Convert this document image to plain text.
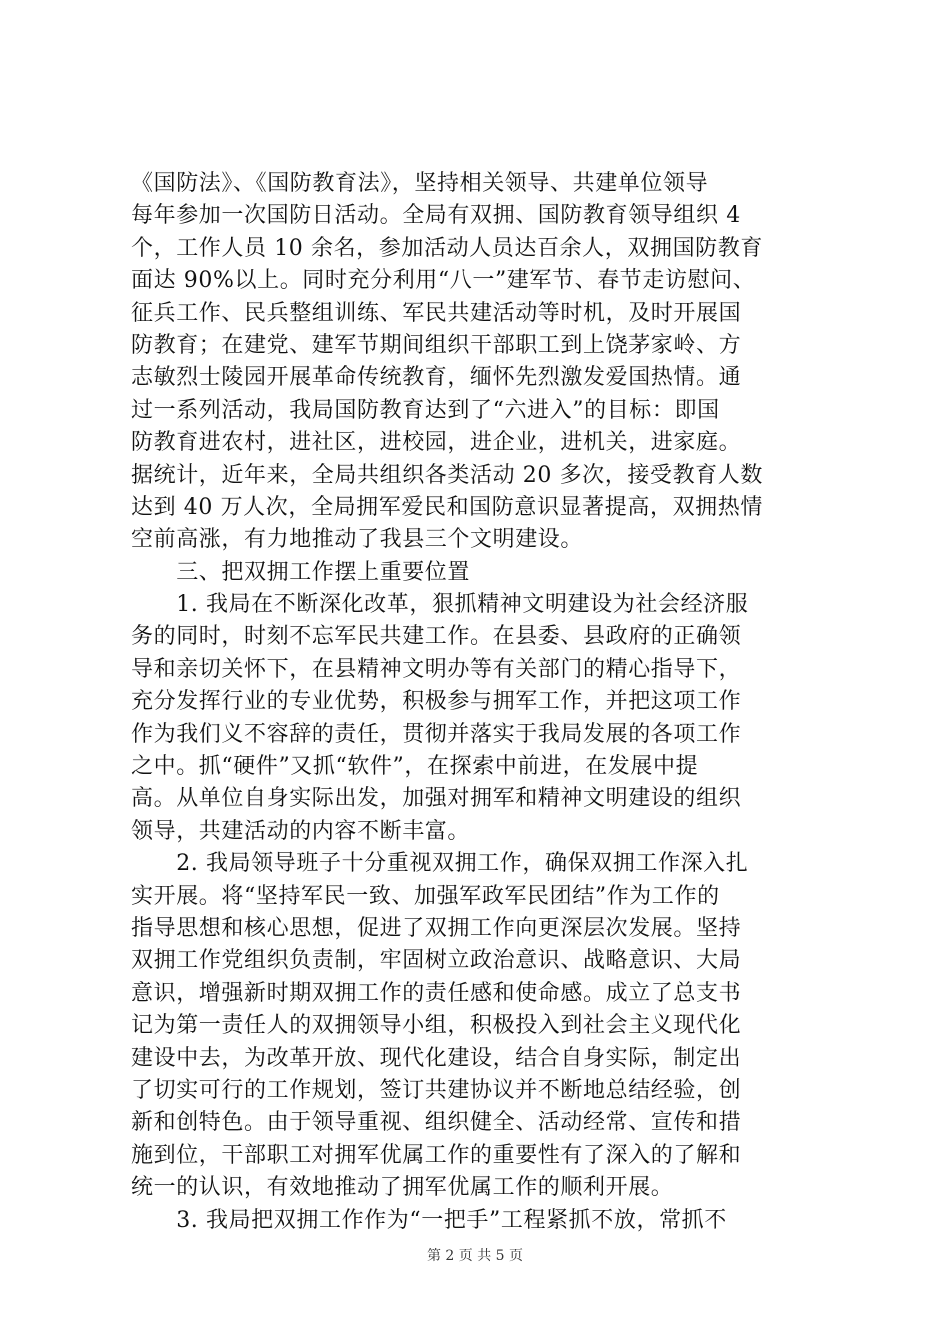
《国防法》、《国防教育法》，坚持相关领导、共建单位领导
每年参加一次国防日活动。全局有双拥、国防教育领导组织 4
个，工作人员 10 余名，参加活动人员达百余人，双拥国防教育
面达 90%以上。同时充分利用“八一”建军节、春节走访慰问、
征兵工作、民兵整组训练、军民共建活动等时机，及时开展国
防教育；在建党、建军节期间组织干部职工到上饶茅家岭、方
志敏烈士陵园开展革命传统教育，缅怀先烈激发爱国热情。通
过一系列活动，我局国防教育达到了“六进入”的目标：即国
防教育进农村，进社区，进校园，进企业，进机关，进家庭。
据统计，近年来，全局共组织各类活动 20 多次，接受教育人数
达到 40 万人次，全局拥军爱民和国防意识显著提高，双拥热情
空前高涨，有力地推动了我县三个文明建设。
　　三、把双拥工作摆上重要位置
　　1. 我局在不断深化改革，狠抓精神文明建设为社会经济服
务的同时，时刻不忘军民共建工作。在县委、县政府的正确领
导和亲切关怀下，在县精神文明办等有关部门的精心指导下，
充分发挥行业的专业优势，积极参与拥军工作，并把这项工作
作为我们义不容辞的责任，贯彻并落实于我局发展的各项工作
之中。抓“硬件”又抓“软件”，在探索中前进，在发展中提
高。从单位自身实际出发，加强对拥军和精神文明建设的组织
领导，共建活动的内容不断丰富。
　　2. 我局领导班子十分重视双拥工作，确保双拥工作深入扎
实开展。将“坚持军民一致、加强军政军民团结”作为工作的
指导思想和核心思想，促进了双拥工作向更深层次发展。坚持
双拥工作党组织负责制，牢固树立政治意识、战略意识、大局
意识，增强新时期双拥工作的责任感和使命感。成立了总支书
记为第一责任人的双拥领导小组，积极投入到社会主义现代化
建设中去，为改革开放、现代化建设，结合自身实际，制定出
了切实可行的工作规划，签订共建协议并不断地总结经验，创
新和创特色。由于领导重视、组织健全、活动经常、宣传和措
施到位，干部职工对拥军优属工作的重要性有了深入的了解和
统一的认识，有效地推动了拥军优属工作的顺利开展。
　　3. 我局把双拥工作作为“一把手”工程紧抓不放，常抓不
第 2 页 共 5 页
